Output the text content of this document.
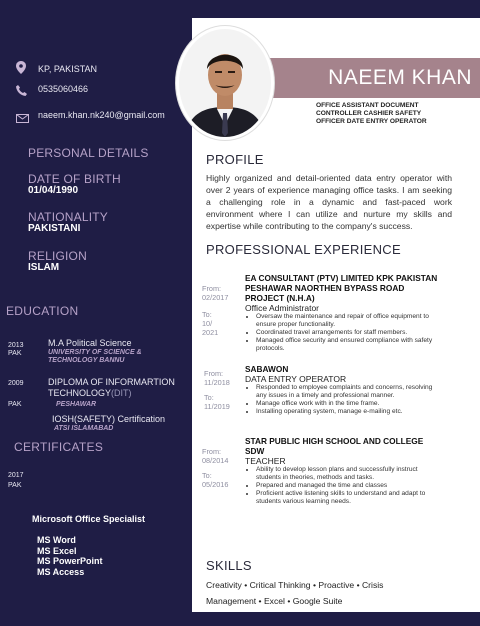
NAEEM KHAN
OFFICE ASSISTANT DOCUMENT CONTROLLER CASHIER SAFETY OFFICER DATE ENTRY OPERATOR
KP, PAKISTAN
0535060466
naeem.khan.nk240@gmail.com
PERSONAL DETAILS
DATE OF BIRTH
01/04/1990
NATIONALITY
PAKISTANI
RELIGION
ISLAM
EDUCATION
2013
PAK
M.A Political Science
UNIVERSITY OF SCIENCE & TECHNOLOGY BANNU
2009
PAK
DIPLOMA OF INFORMARTION TECHNOLOGY(DIT)
PESHAWAR
IOSH(SAFETY) Certification
ATSI ISLAMABAD
CERTIFICATES
2017
PAK
Microsoft Office Specialist
MS Word
MS Excel
MS PowerPoint
MS Access
PROFILE
Highly organized and detail-oriented data entry operator with over 2 years of experience managing office tasks. I am seeking a challenging role in a dynamic and fast-paced work environment where I can utilize and nurture my skills and expertise while contributing to the company's success.
PROFESSIONAL EXPERIENCE
From:
02/2017
To:
10/ 2021
EA CONSULTANT (PTV) LIMITED KPK PAKISTAN PESHAWAR NAORTHEN BYPASS ROAD PROJECT (N.H.A)
Office Administrator
• Oversaw the maintenance and repair of office equipment to ensure proper functionality.
• Coordinated travel arrangements for staff members.
• Managed office security and ensured compliance with safety protocols.
From:
11/2018
To:
11/2019
SABAWON
DATA ENTRY OPERATOR
• Responded to employee complaints and concerns, resolving any issues in a timely and professional manner.
• Manage office work with in the time frame.
• Installing operating system, manage e-mailing etc.
From:
08/2014
To:
05/2016
STAR PUBLIC HIGH SCHOOL AND COLLEGE SDW
TEACHER
• Ability to develop lesson plans and successfully instruct students in theories, methods and tasks.
• Prepared and managed the time and classes
• Proficient active listening skills to understand and adapt to students various learning needs.
SKILLS
Creativity • Critical Thinking • Proactive • Crisis
Management • Excel • Google Suite
